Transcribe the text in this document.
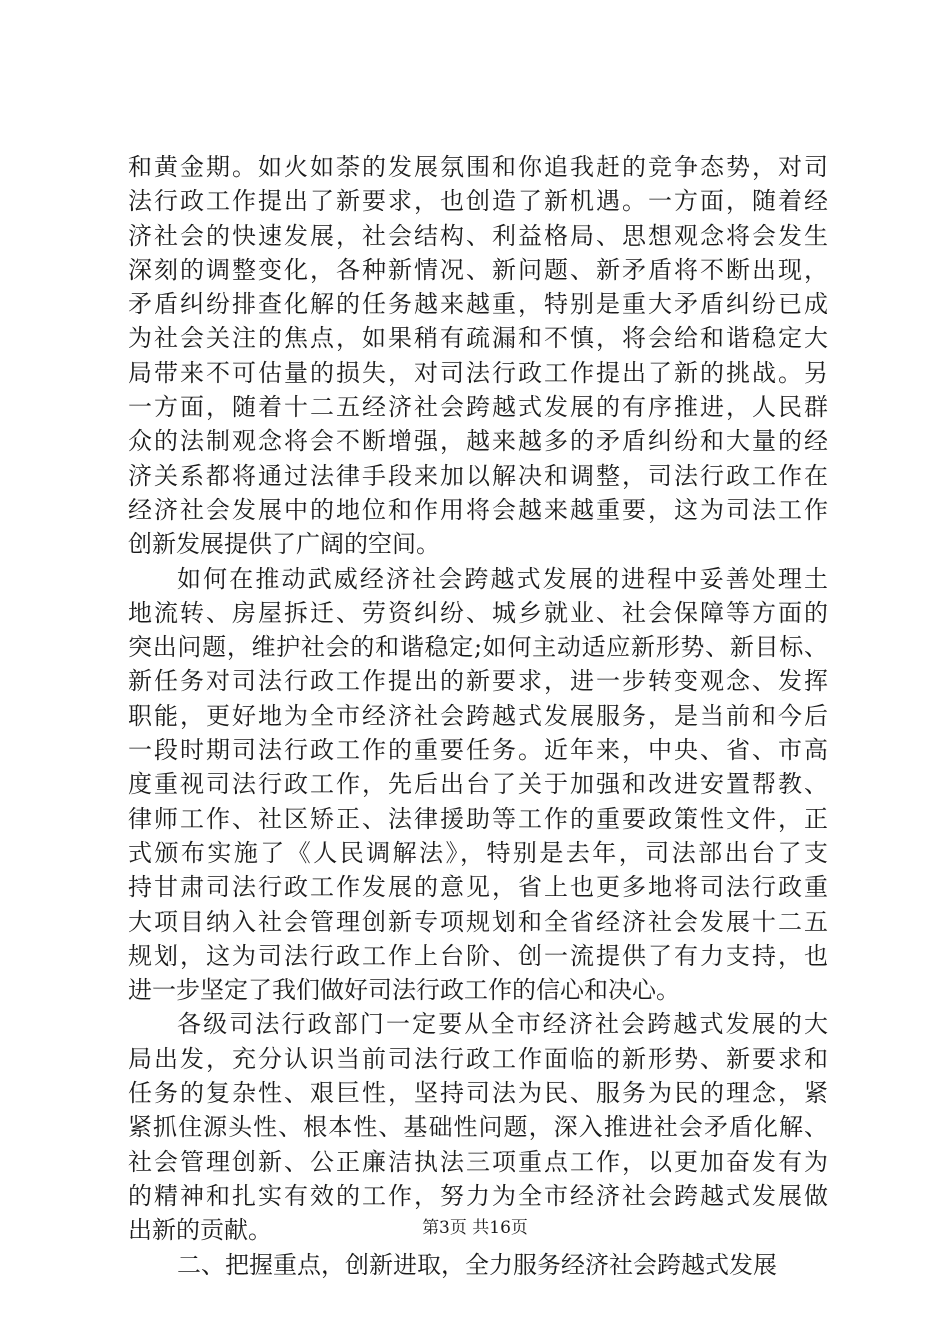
和黄金期。如火如荼的发展氛围和你追我赶的竞争态势，对司
法行政工作提出了新要求，也创造了新机遇。一方面，随着经
济社会的快速发展，社会结构、利益格局、思想观念将会发生
深刻的调整变化，各种新情况、新问题、新矛盾将不断出现，
矛盾纠纷排查化解的任务越来越重，特别是重大矛盾纠纷已成
为社会关注的焦点，如果稍有疏漏和不慎，将会给和谐稳定大
局带来不可估量的损失，对司法行政工作提出了新的挑战。另
一方面，随着十二五经济社会跨越式发展的有序推进，人民群
众的法制观念将会不断增强，越来越多的矛盾纠纷和大量的经
济关系都将通过法律手段来加以解决和调整，司法行政工作在
经济社会发展中的地位和作用将会越来越重要，这为司法工作
创新发展提供了广阔的空间。
如何在推动武威经济社会跨越式发展的进程中妥善处理土
地流转、房屋拆迁、劳资纠纷、城乡就业、社会保障等方面的
突出问题，维护社会的和谐稳定;如何主动适应新形势、新目标、
新任务对司法行政工作提出的新要求，进一步转变观念、发挥
职能，更好地为全市经济社会跨越式发展服务，是当前和今后
一段时期司法行政工作的重要任务。近年来，中央、省、市高
度重视司法行政工作，先后出台了关于加强和改进安置帮教、
律师工作、社区矫正、法律援助等工作的重要政策性文件，正
式颁布实施了《人民调解法》，特别是去年，司法部出台了支
持甘肃司法行政工作发展的意见，省上也更多地将司法行政重
大项目纳入社会管理创新专项规划和全省经济社会发展十二五
规划，这为司法行政工作上台阶、创一流提供了有力支持，也
进一步坚定了我们做好司法行政工作的信心和决心。
各级司法行政部门一定要从全市经济社会跨越式发展的大
局出发，充分认识当前司法行政工作面临的新形势、新要求和
任务的复杂性、艰巨性，坚持司法为民、服务为民的理念，紧
紧抓住源头性、根本性、基础性问题，深入推进社会矛盾化解、
社会管理创新、公正廉洁执法三项重点工作，以更加奋发有为
的精神和扎实有效的工作，努力为全市经济社会跨越式发展做
出新的贡献。
二、把握重点，创新进取，全力服务经济社会跨越式发展
第3页 共16页
